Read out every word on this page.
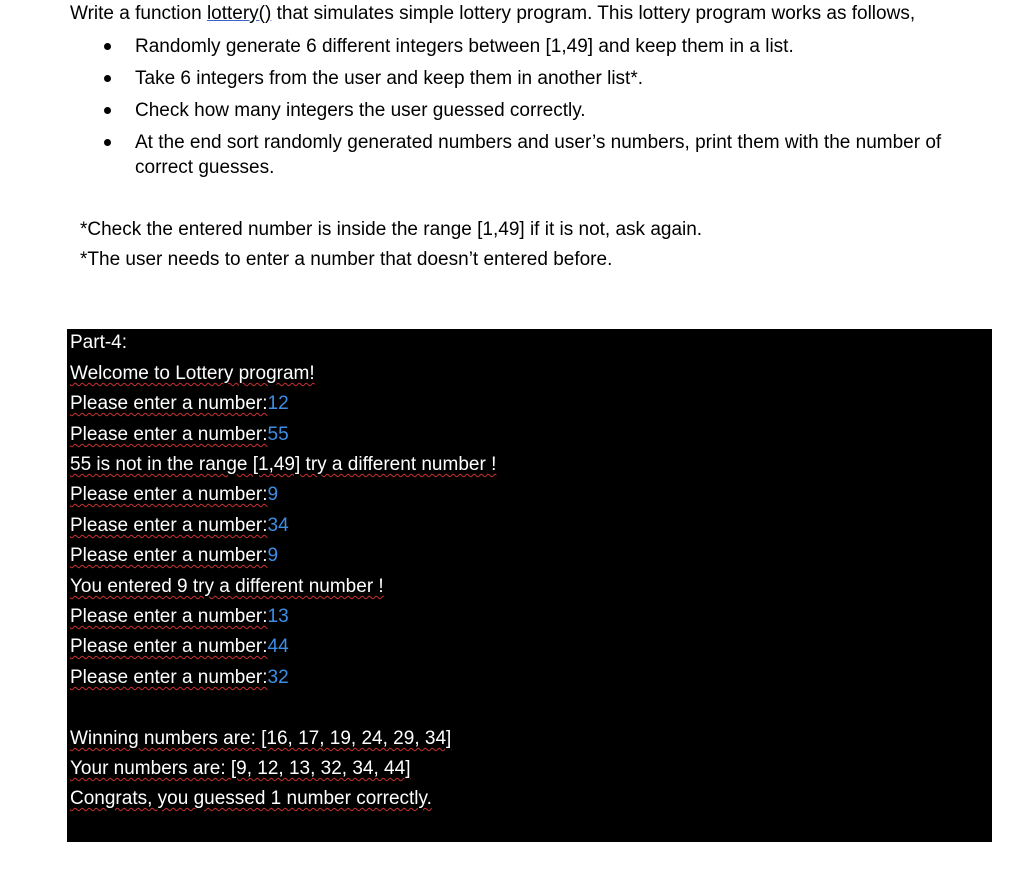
Write a function lottery() that simulates simple lottery program. This lottery program works as follows,
Randomly generate 6 different integers between [1,49] and keep them in a list.
Take 6 integers from the user and keep them in another list*.
Check how many integers the user guessed correctly.
At the end sort randomly generated numbers and user’s numbers, print them with the number of correct guesses.
*Check the entered number is inside the range [1,49] if it is not, ask again.
*The user needs to enter a number that doesn’t entered before.
Part-4:
Welcome to Lottery program!
Please enter a number:12
Please enter a number:55
55 is not in the range [1,49] try a different number !
Please enter a number:9
Please enter a number:34
Please enter a number:9
You entered 9 try a different number !
Please enter a number:13
Please enter a number:44
Please enter a number:32
Winning numbers are: [16, 17, 19, 24, 29, 34]
Your numbers are: [9, 12, 13, 32, 34, 44]
Congrats, you guessed 1 number correctly.
